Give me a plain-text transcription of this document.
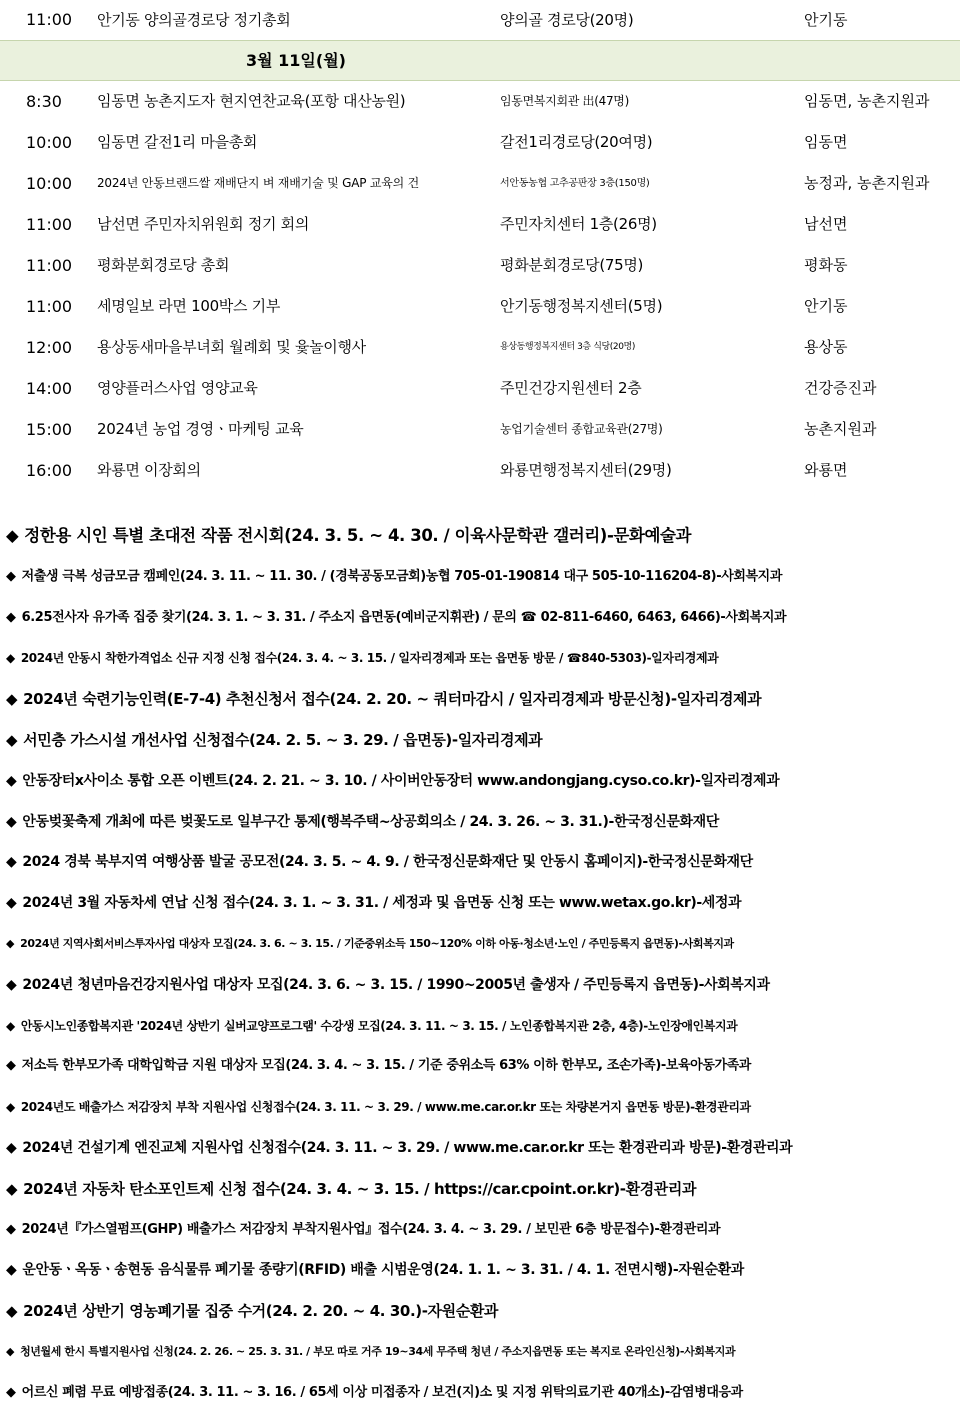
11:00 안기동 양의골경로당 정기총회	양의골 경로당(20명)	안기동
3월 11일(월)
8:30 임동면 농촌지도자 현지연찬교육(포항 대산농원)	임동면복지회관 出(47명)	임동면, 농촌지원과
10:00 임동면 갈전1리 마을총회	갈전1리경로당(20여명)	임동면
10:00 2024년 안동브랜드쌀 재배단지 벼 재배기술 및 GAP 교육의 건	서안동농협 고추공판장 3층(150명)	농정과, 농촌지원과
11:00 남선면 주민자치위원회 정기 회의	주민자치센터 1층(26명)	남선면
11:00 평화분회경로당 총회	평화분회경로당(75명)	평화동
11:00 세명일보 라면 100박스 기부	안기동행정복지센터(5명)	안기동
12:00 용상동새마을부녀회 월례회 및 윷놀이행사	용상동행정복지센터 3층 식당(20명)	용상동
14:00 영양플러스사업 영양교육	주민건강지원센터 2층	건강증진과
15:00 2024년 농업 경영ㆍ마케팅 교육	농업기술센터 종합교육관(27명)	농촌지원과
16:00 와룡면 이장회의	와룡면행정복지센터(29명)	와룡면
◆ 정한용 시인 특별 초대전 작품 전시회(24. 3. 5. ~ 4. 30. / 이육사문학관 갤러리)-문화예술과
◆ 저출생 극복 성금모금 캠페인(24. 3. 11. ~ 11. 30. / (경북공동모금회)농협 705-01-190814 대구 505-10-116204-8)-사회복지과
◆ 6.25전사자 유가족 집중 찾기(24. 3. 1. ~ 3. 31. / 주소지 읍면동(예비군지휘관) / 문의 ☎ 02-811-6460, 6463, 6466)-사회복지과
◆ 2024년 안동시 착한가격업소 신규 지정 신청 접수(24. 3. 4. ~ 3. 15. / 일자리경제과 또는 읍면동 방문 / ☎840-5303)-일자리경제과
◆ 2024년 숙련기능인력(E-7-4) 추천신청서 접수(24. 2. 20. ~ 쿼터마감시 / 일자리경제과 방문신청)-일자리경제과
◆ 서민층 가스시설 개선사업 신청접수(24. 2. 5. ~ 3. 29. / 읍면동)-일자리경제과
◆ 안동장터x사이소 통합 오픈 이벤트(24. 2. 21. ~ 3. 10. / 사이버안동장터 www.andongjang.cyso.co.kr)-일자리경제과
◆ 안동벚꽃축제 개최에 따른 벚꽃도로 일부구간 통제(행복주택~상공회의소 / 24. 3. 26. ~ 3. 31.)-한국정신문화재단
◆ 2024 경북 북부지역 여행상품 발굴 공모전(24. 3. 5. ~ 4. 9. / 한국정신문화재단 및 안동시 홈페이지)-한국정신문화재단
◆ 2024년 3월 자동차세 연납 신청 접수(24. 3. 1. ~ 3. 31. / 세정과 및 읍면동 신청 또는 www.wetax.go.kr)-세정과
◆ 2024년 지역사회서비스투자사업 대상자 모집(24. 3. 6. ~ 3. 15. / 기준중위소득 150~120% 이하 아동·청소년·노인 / 주민등록지 읍면동)-사회복지과
◆ 2024년 청년마음건강지원사업 대상자 모집(24. 3. 6. ~ 3. 15. / 1990~2005년 출생자 / 주민등록지 읍면동)-사회복지과
◆ 안동시노인종합복지관 '2024년 상반기 실버교양프로그램' 수강생 모집(24. 3. 11. ~ 3. 15. / 노인종합복지관 2층, 4층)-노인장애인복지과
◆ 저소득 한부모가족 대학입학금 지원 대상자 모집(24. 3. 4. ~ 3. 15. / 기준 중위소득 63% 이하 한부모, 조손가족)-보육아동가족과
◆ 2024년도 배출가스 저감장치 부착 지원사업 신청접수(24. 3. 11. ~ 3. 29. / www.me.car.or.kr 또는 차량본거지 읍면동 방문)-환경관리과
◆ 2024년 건설기계 엔진교체 지원사업 신청접수(24. 3. 11. ~ 3. 29. / www.me.car.or.kr 또는 환경관리과 방문)-환경관리과
◆ 2024년 자동차 탄소포인트제 신청 접수(24. 3. 4. ~ 3. 15. / https://car.cpoint.or.kr)-환경관리과
◆ 2024년『가스열펌프(GHP) 배출가스 저감장치 부착지원사업』접수(24. 3. 4. ~ 3. 29. / 보민관 6층 방문접수)-환경관리과
◆ 운안동ㆍ옥동ㆍ송현동 음식물류 폐기물 종량기(RFID) 배출 시범운영(24. 1. 1. ~ 3. 31. / 4. 1. 전면시행)-자원순환과
◆ 2024년 상반기 영농폐기물 집중 수거(24. 2. 20. ~ 4. 30.)-자원순환과
◆ 청년월세 한시 특별지원사업 신청(24. 2. 26. ~ 25. 3. 31. / 부모 따로 거주 19~34세 무주택 청년 / 주소지읍면동 또는 복지로 온라인신청)-사회복지과
◆ 어르신 폐렴 무료 예방접종(24. 3. 11. ~ 3. 16. / 65세 이상 미접종자 / 보건(지)소 및 지정 위탁의료기관 40개소)-감염병대응과
